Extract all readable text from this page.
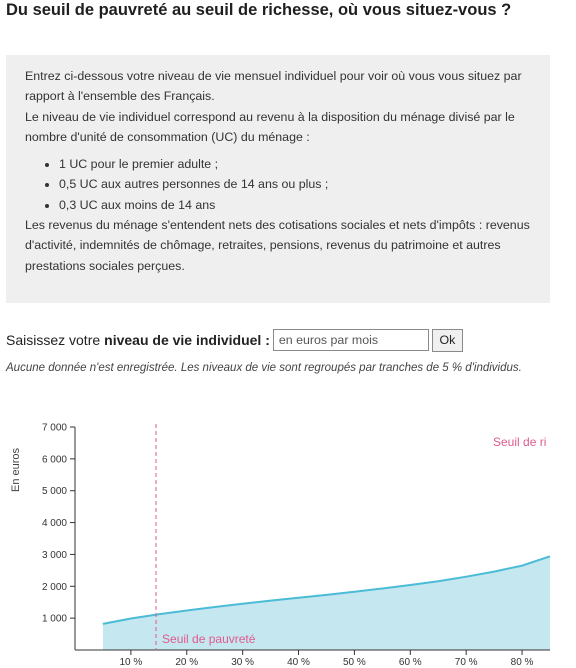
Du seuil de pauvreté au seuil de richesse, où vous situez-vous ?

Entrez ci-dessous votre niveau de vie mensuel individuel pour voir où vous vous situez par rapport à l'ensemble des Français.

Le niveau de vie individuel correspond au revenu à la disposition du ménage divisé par le nombre d'unité de consommation (UC) du ménage :

• 1 UC pour le premier adulte ;
• 0,5 UC aux autres personnes de 14 ans ou plus ;
• 0,3 UC aux moins de 14 ans

Les revenus du ménage s'entendent nets des cotisations sociales et nets d'impôts : revenus d'activité, indemnités de chômage, retraites, pensions, revenus du patrimoine et autres prestations sociales perçues.

Saisissez votre niveau de vie individuel :
en euros par mois	Ok
Aucune donnée n'est enregistrée. Les niveaux de vie sont regroupés par tranches de 5 % d'individus.
1 000
2 000
3 000
4 000
5 000
6 000
7 000
10 %	20 %	30 %	40 %	50 %	60 %	70 %	80 %
En euros
Seuil de pauvreté
Seuil de ri
